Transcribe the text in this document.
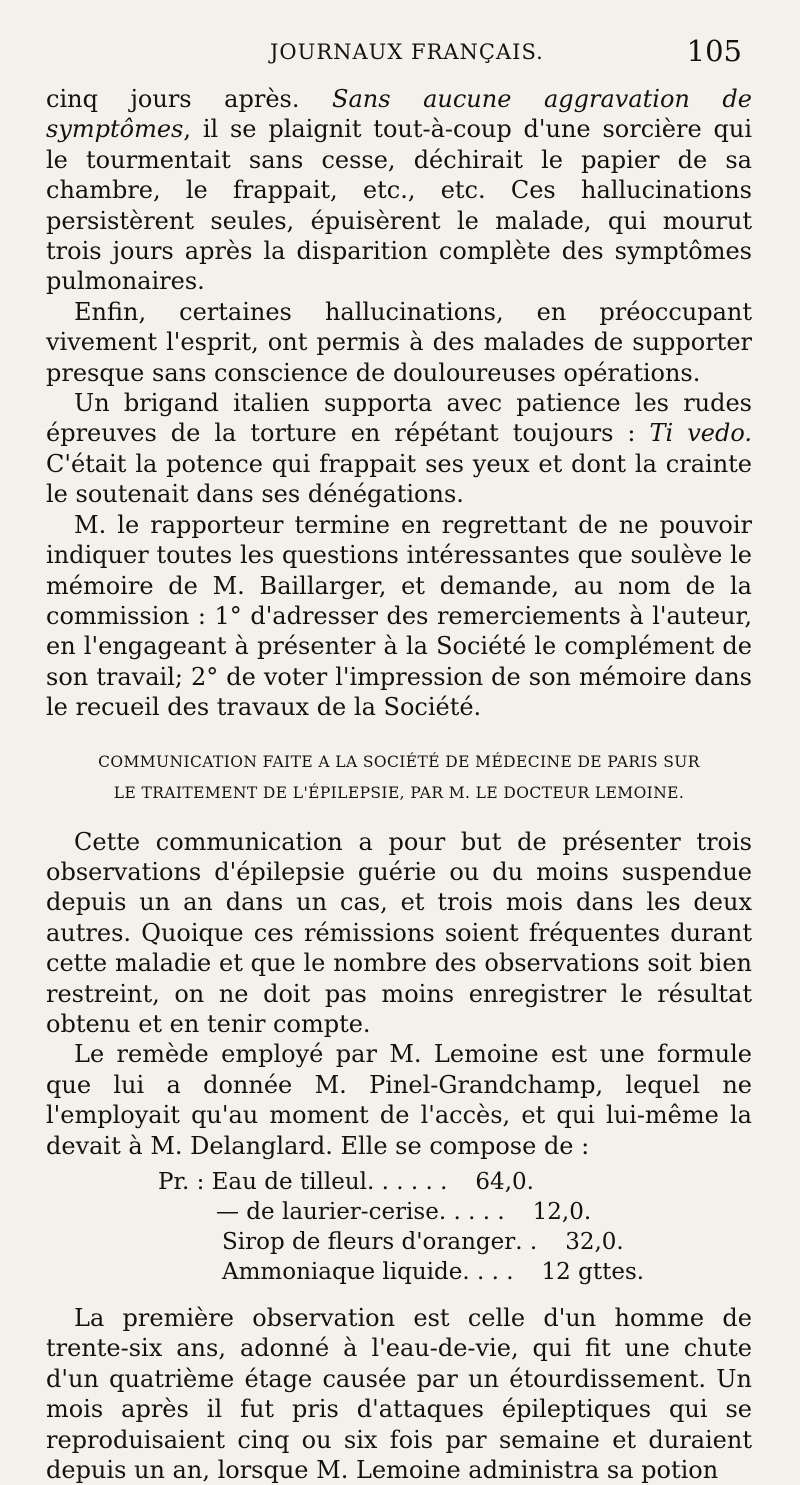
JOURNAUX FRANÇAIS.	105

cinq jours après. Sans aucune aggravation de symptômes, il se plaignit tout-à-coup d'une sorcière qui le tourmentait sans cesse, déchirait le papier de sa chambre, le frappait, etc., etc. Ces hallucinations persistèrent seules, épuisèrent le malade, qui mourut trois jours après la disparition complète des symptômes pulmonaires.

Enfin, certaines hallucinations, en préoccupant vivement l'esprit, ont permis à des malades de supporter presque sans conscience de douloureuses opérations.

Un brigand italien supporta avec patience les rudes épreuves de la torture en répétant toujours : Ti vedo. C'était la potence qui frappait ses yeux et dont la crainte le soutenait dans ses dénégations.

M. le rapporteur termine en regrettant de ne pouvoir indiquer toutes les questions intéressantes que soulève le mémoire de M. Baillarger, et demande, au nom de la commission : 1° d'adresser des remerciements à l'auteur, en l'engageant à présenter à la Société le complément de son travail; 2° de voter l'impression de son mémoire dans le recueil des travaux de la Société.

COMMUNICATION FAITE A LA SOCIÉTÉ DE MÉDECINE DE PARIS SUR
LE TRAITEMENT DE L'ÉPILEPSIE, PAR M. LE DOCTEUR LEMOINE.

Cette communication a pour but de présenter trois observations d'épilepsie guérie ou du moins suspendue depuis un an dans un cas, et trois mois dans les deux autres. Quoique ces rémissions soient fréquentes durant cette maladie et que le nombre des observations soit bien restreint, on ne doit pas moins enregistrer le résultat obtenu et en tenir compte.

Le remède employé par M. Lemoine est une formule que lui a donnée M. Pinel-Grandchamp, lequel ne l'employait qu'au moment de l'accès, et qui lui-même la devait à M. Delanglard. Elle se compose de :

Pr. : Eau de tilleul . . . . . . 64,0.
— de laurier-cerise . . . . . 12,0.
Sirop de fleurs d'oranger . . 32,0.
Ammoniaque liquide . . . . 12 gttes.

La première observation est celle d'un homme de trente-six ans, adonné à l'eau-de-vie, qui fit une chute d'un quatrième étage causée par un étourdissement. Un mois après il fut pris d'attaques épileptiques qui se reproduisaient cinq ou six fois par semaine et duraient depuis un an, lorsque M. Lemoine administra sa potion
